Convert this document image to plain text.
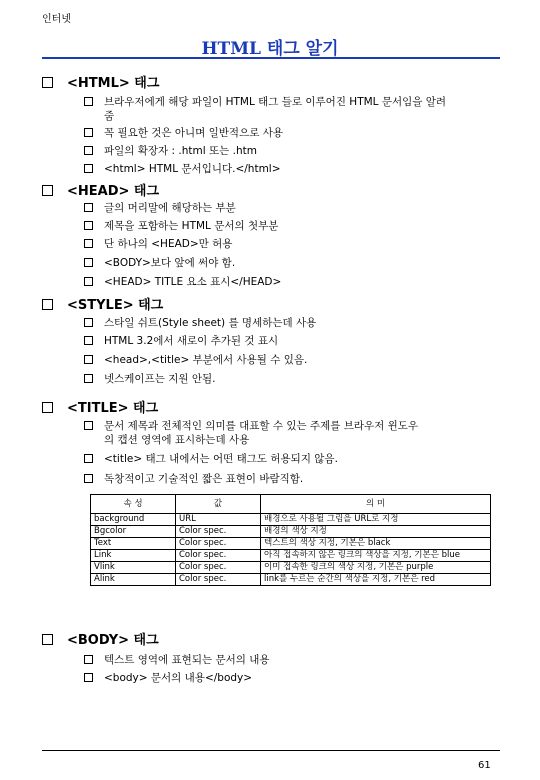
인터넷
HTML 태그 알기
<HTML> 태그
브라우저에게 해당 파일이 HTML 태그 들로 이루어진 HTML 문서임을 알려
줌
꼭 필요한 것은 아니며 일반적으로 사용
파일의 확장자 : .html 또는 .htm
<html> HTML 문서입니다.</html>
<HEAD> 태그
글의 머리말에 해당하는 부분
제목을 포함하는 HTML 문서의 첫부분
단 하나의 <HEAD>만 허용
<BODY>보다 앞에 써야 함.
<HEAD> TITLE 요소 표시</HEAD>
<STYLE> 태그
스타일 쉬트(Style sheet) 를 명세하는데 사용
HTML 3.2에서 새로이 추가된 것 표시
<head>,<title> 부분에서 사용될 수 있음.
넷스케이프는 지원 안됨.
<TITLE> 태그
문서 제목과 전체적인 의미를 대표할 수 있는 주제를 브라우저 윈도우
의 캡션 영역에 표시하는데 사용
<title> 태그 내에서는 어떤 태그도 허용되지 않음.
독창적이고 기술적인 짧은 표현이 바람직함.
속 성	값	의 미
background	URL	배경으로 사용될 그림을 URL로 지정
Bgcolor	Color spec.	배경의 색상 지정
Text	Color spec.	텍스트의 색상 지정, 기본은 black
Link	Color spec.	아직 접속하지 않은 링크의 색상을 지정, 기본은 blue
Vlink	Color spec.	이미 접속한 링크의 색상 지정, 기본은 purple
Alink	Color spec.	link를 누르는 순간의 색상을 지정, 기본은 red
<BODY> 태그
텍스트 영역에 표현되는 문서의 내용
<body> 문서의 내용</body>
61
